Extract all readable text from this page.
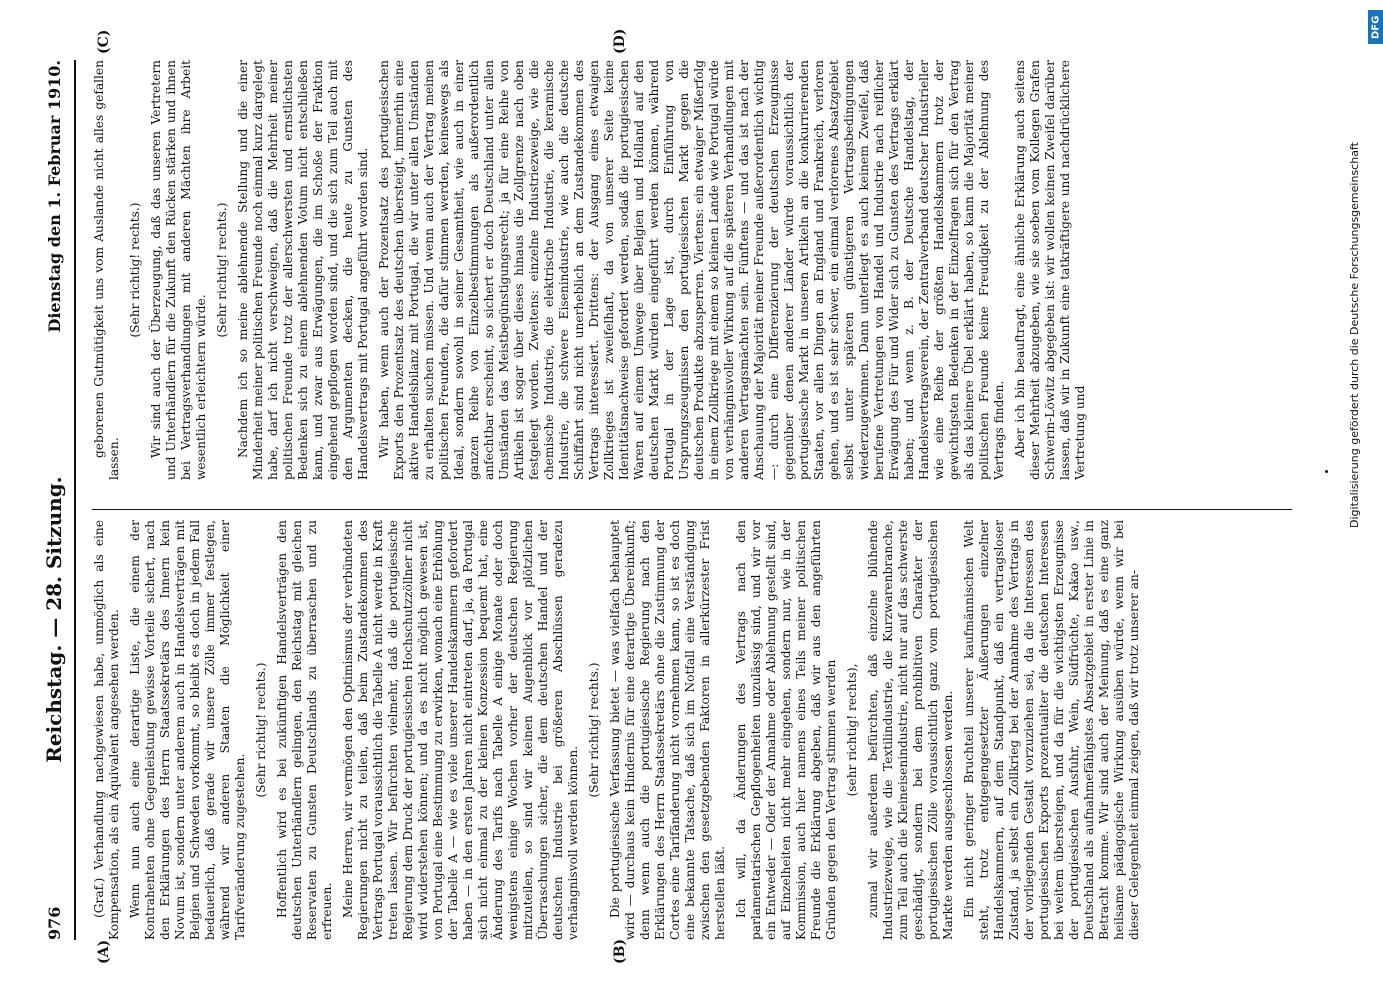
976
Reichstag. — 28. Sitzung.
Dienstag den 1. Februar 1910.
(A)	(B)
(C)	(D)

(Graf.) Verhandlung nachgewiesen habe, unmöglich als eine Kompensation, als ein Äquivalent angesehen werden. Wenn nun auch eine derartige Liste, die einem der Kontrahenten ohne Gegenleistung gewisse Vorteile sichert, nach den Erklärungen des Herrn Staatssekretärs des Innern kein Novum ist, sondern unter anderem auch in Handelsverträgen mit Belgien und Schweden vorkommt, so bleibt es doch in jedem Fall bedauerlich, daß gerade wir unsere Zölle immer festlegen, während wir anderen Staaten die Möglichkeit einer Tarifveränderung zugestehen.

(Sehr richtig! rechts.) Hoffentlich wird es bei zukünftigen Handelsverträgen den deutschen Unterhändlern gelingen, den Reichstag mit gleichen Reservaten zu Gunsten Deutschlands zu überraschen und zu erfreuen. Meine Herren, wir vermögen den Optimismus der verbündeten Regierungen nicht zu teilen, daß beim Zustandekommen des Vertrags Portugal voraussichtlich die Tabelle A nicht werde in Kraft treten lassen. Wir befürchten vielmehr, daß die portugiesische Regierung dem Druck der portugiesischen Hochschutzzöllner nicht wird widerstehen können; und da es nicht möglich gewesen ist, von Portugal eine Bestimmung zu erwirken, wonach eine Erhöhung der Tabelle A — wie es viele unserer Handelskammern gefordert haben — in den ersten Jahren nicht eintreten darf, ja, da Portugal sich nicht einmal zu der kleinen Konzession bequemt hat, eine Änderung des Tarifs nach Tabelle A einige Monate oder doch wenigstens einige Wochen vorher der deutschen Regierung mitzuteilen, so sind wir keinen Augenblick vor plötzlichen Überraschungen sicher, die dem deutschen Handel und der deutschen Industrie bei größeren Abschlüssen geradezu verhängnisvoll werden können.

(Sehr richtig! rechts.) Die portugiesische Verfassung bietet — was vielfach behauptet wird — durchaus kein Hindernis für eine derartige Übereinkunft; denn wenn auch die portugiesische Regierung nach den Erklärungen des Herrn Staatssekretärs ohne die Zustimmung der Cortes eine Tarifänderung nicht vornehmen kann, so ist es doch eine bekannte Tatsache, daß sich im Notfall eine Verständigung zwischen den gesetzgebenden Faktoren in allerkürzester Frist herstellen läßt. Ich will, da Änderungen des Vertrags nach den parlamentarischen Gepflogenheiten unzulässig sind, und wir vor ein Entweder — Oder der Annahme oder Ablehnung gestellt sind, auf Einzelheiten nicht mehr eingehen, sondern nur, wie in der Kommission, auch hier namens eines Teils meiner politischen Freunde die Erklärung abgeben, daß wir aus den angeführten Gründen gegen den Vertrag stimmen werden (sehr richtig! rechts), zumal wir außerdem befürchten, daß einzelne blühende Industriezweige, wie die Textilindustrie, die Kurzwarenbranche, zum Teil auch die Kleineisenindustrie, nicht nur auf das schwerste geschädigt, sondern bei dem prohibitiven Charakter der portugiesischen Zölle voraussichtlich ganz vom portugiesischen Markte werden ausgeschlossen werden. Ein nicht geringer Bruchteil unserer kaufmännischen Welt steht, trotz entgegengesetzter Äußerungen einzelner Handelskammern, auf dem Standpunkt, daß ein vertragsloser Zustand, ja selbst ein Zollkrieg bei der Annahme des Vertrags in der vorliegenden Gestalt vorzuziehen sei, da die Interessen des portugiesischen Exports prozentualiter die deutschen Interessen bei weitem übersteigen, und da für die wichtigsten Erzeugnisse der portugiesischen Ausfuhr, Wein, Südfrüchte, Kakao usw., Deutschland als aufnahmefähigstes Absatzgebiet in erster Linie in Betracht komme. Wir sind auch der Meinung, daß es eine ganz heilsame pädagogische Wirkung ausüben würde, wenn wir bei dieser Gelegenheit einmal zeigen, daß wir trotz unserer an-

geborenen Gutmütigkeit uns vom Auslande nicht alles gefallen lassen.

(Sehr richtig! rechts.) Wir sind auch der Überzeugung, daß das unseren Vertretern und Unterhändlern für die Zukunft den Rücken stärken und ihnen bei Vertragsverhandlungen mit anderen Mächten ihre Arbeit wesentlich erleichtern würde.

(Sehr richtig! rechts.) Nachdem ich so meine ablehnende Stellung und die einer Minderheit meiner politischen Freunde noch einmal kurz dargelegt habe, darf ich nicht verschweigen, daß die Mehrheit meiner politischen Freunde trotz der allerschwersten und ernstlichsten Bedenken sich zu einem ablehnenden Votum nicht entschließen kann, und zwar aus Erwägungen, die im Schoße der Fraktion eingehend gepflogen worden sind, und die sich zum Teil auch mit den Argumenten decken, die heute zu Gunsten des Handelsvertrags mit Portugal angeführt worden sind. Wir haben, wenn auch der Prozentsatz des portugiesischen Exports den Prozentsatz des deutschen übersteigt, immerhin eine aktive Handelsbilanz mit Portugal, die wir unter allen Umständen zu erhalten suchen müssen. Und wenn auch der Vertrag meinen politischen Freunden, die dafür stimmen werden, keineswegs als Ideal, sondern sowohl in seiner Gesamtheit, wie auch in einer ganzen Reihe von Einzelbestimmungen als außerordentlich anfechtbar erscheint, so sichert er doch Deutschland unter allen Umständen das Meistbegünstigungsrecht; ja für eine Reihe von Artikeln ist sogar über dieses hinaus die Zollgrenze nach oben festgelegt worden. Zweitens: einzelne Industriezweige, wie die chemische Industrie, die elektrische Industrie, die keramische Industrie, die schwere Eisenindustrie, wie auch die deutsche Schiffahrt sind nicht unerheblich an dem Zustandekommen des Vertrags interessiert. Drittens: der Ausgang eines etwaigen Zollkrieges ist zweifelhaft, da von unserer Seite keine Identitätsnachweise gefordert werden, sodaß die portugiesischen Waren auf einem Umwege über Belgien und Holland auf den deutschen Markt würden eingeführt werden können, während Portugal in der Lage ist, durch Einführung von Ursprungszeugnissen den portugiesischen Markt gegen die deutschen Produkte abzusperren. Viertens: ein etwaiger Mißerfolg in einem Zollkriege mit einem so kleinen Lande wie Portugal würde von verhängnisvoller Wirkung auf die späteren Verhandlungen mit anderen Vertragsmächten sein. Fünftens — und das ist nach der Anschauung der Majorität meiner Freunde außerordentlich wichtig —: durch eine Differenzierung der deutschen Erzeugnisse gegenüber denen anderer Länder würde voraussichtlich der portugiesische Markt in unseren Artikeln an die konkurrierenden Staaten, vor allen Dingen an England und Frankreich, verloren gehen, und es ist sehr schwer, ein einmal verlorenes Absatzgebiet selbst unter späteren günstigeren Vertragsbedingungen wiederzugewinnen. Dann unterliegt es auch keinem Zweifel, daß berufene Vertretungen von Handel und Industrie nach reiflicher Erwägung des Für und Wider sich zu Gunsten des Vertrags erklärt haben; und wenn z. B. der Deutsche Handelstag, der Handelsvertragsverein, der Zentralverband deutscher Industrieller wie eine Reihe der größten Handelskammern trotz der gewichtigsten Bedenken in der Einzelfragen sich für den Vertrag als das kleinere Übel erklärt haben, so kann die Majorität meiner politischen Freunde keine Freudigkeit zu der Ablehnung des Vertrags finden. Aber ich bin beauftragt, eine ähnliche Erklärung auch seitens dieser Mehrheit abzugeben, wie sie soeben vom Kollegen Grafen Schwerin-Löwitz abgegeben ist: wir wollen keinen Zweifel darüber lassen, daß wir in Zukunft eine tatkräftigere und nachdrücklichere Vertretung und	Digitalisierung gefördert durch die Deutsche Forschungsgemeinschaft
DFG
